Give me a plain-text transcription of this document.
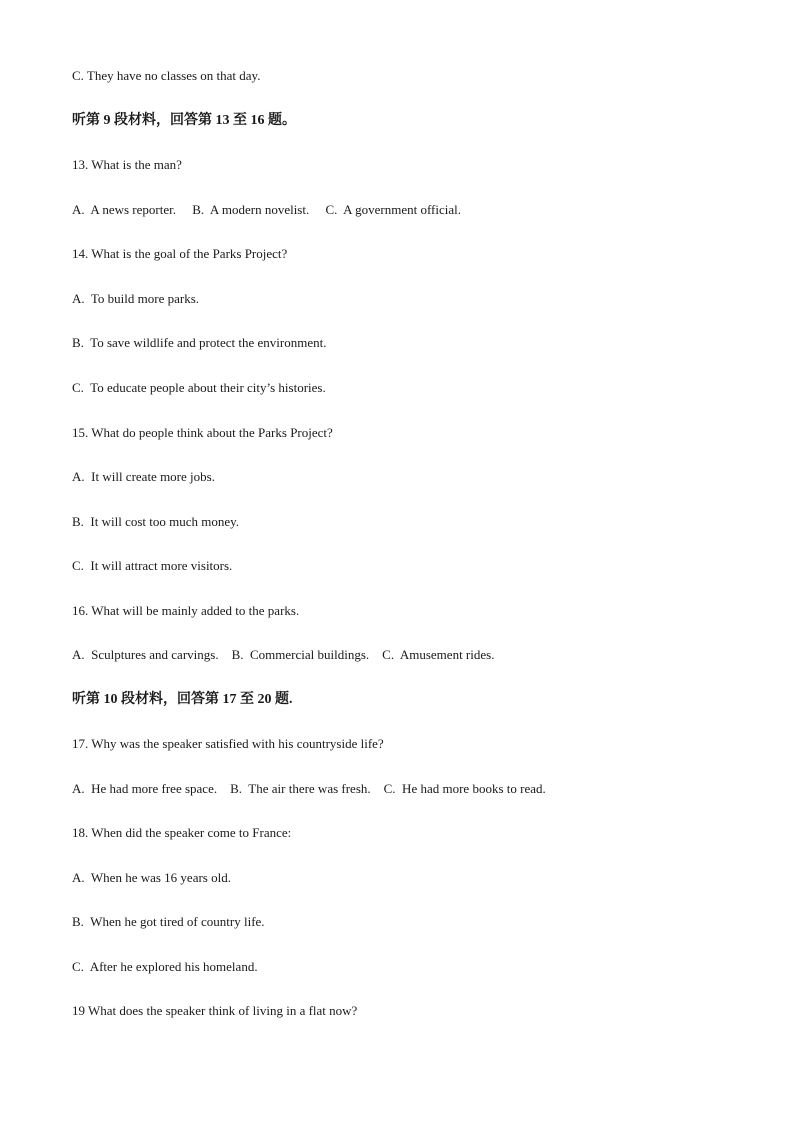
C. They have no classes on that day.
听第 9 段材料，回答第 13 至 16 题。
13. What is the man?
A.  A news reporter.     B.  A modern novelist.     C.  A government official.
14. What is the goal of the Parks Project?
A.  To build more parks.
B.  To save wildlife and protect the environment.
C.  To educate people about their city’s histories.
15. What do people think about the Parks Project?
A.  It will create more jobs.
B.  It will cost too much money.
C.  It will attract more visitors.
16. What will be mainly added to the parks.
A.  Sculptures and carvings.    B.  Commercial buildings.    C.  Amusement rides.
听第 10 段材料，回答第 17 至 20 题.
17. Why was the speaker satisfied with his countryside life?
A.  He had more free space.    B.  The air there was fresh.    C.  He had more books to read.
18. When did the speaker come to France:
A.  When he was 16 years old.
B.  When he got tired of country life.
C.  After he explored his homeland.
19 What does the speaker think of living in a flat now?
